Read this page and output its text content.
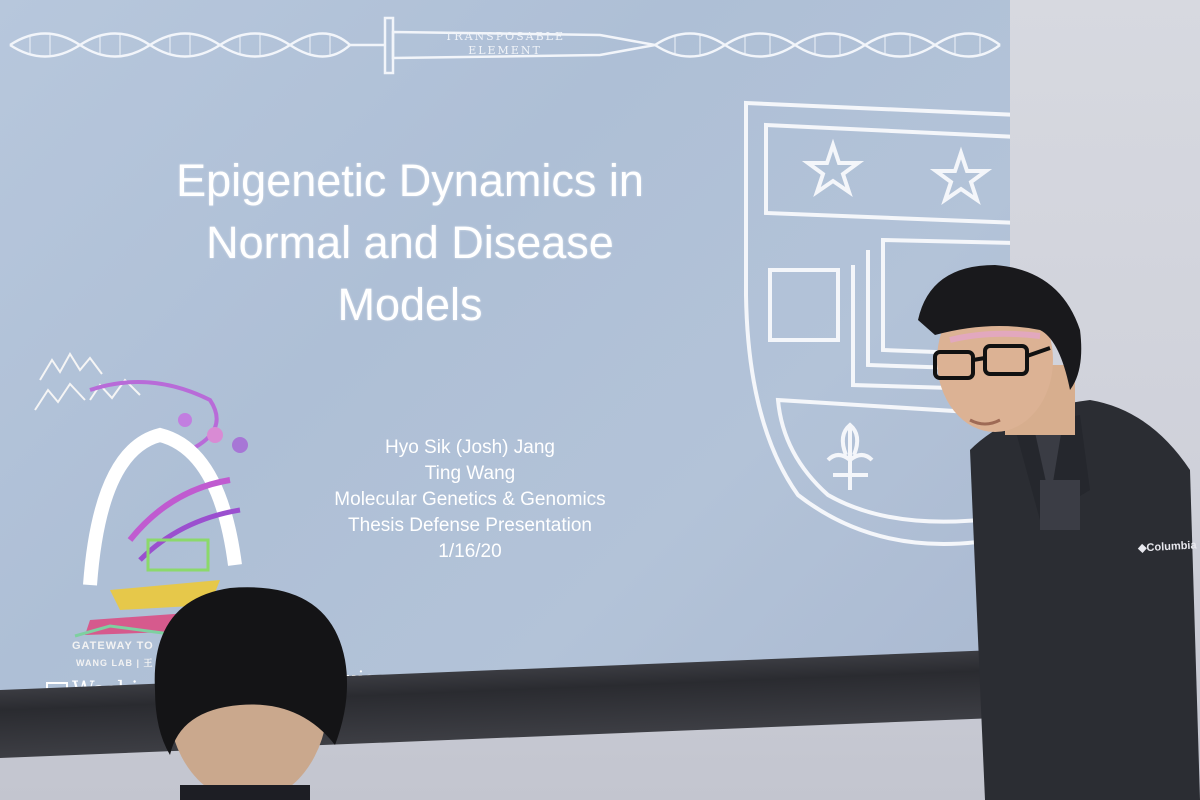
TRANSPOSABLE
ELEMENT
Epigenetic Dynamics in
Normal and Disease
Models
Hyo Sik (Josh) Jang
Ting Wang
Molecular Genetics & Genomics
Thesis Defense Presentation
1/16/20
GATEWAY TO
WANG LAB | 王
◆Columbia
